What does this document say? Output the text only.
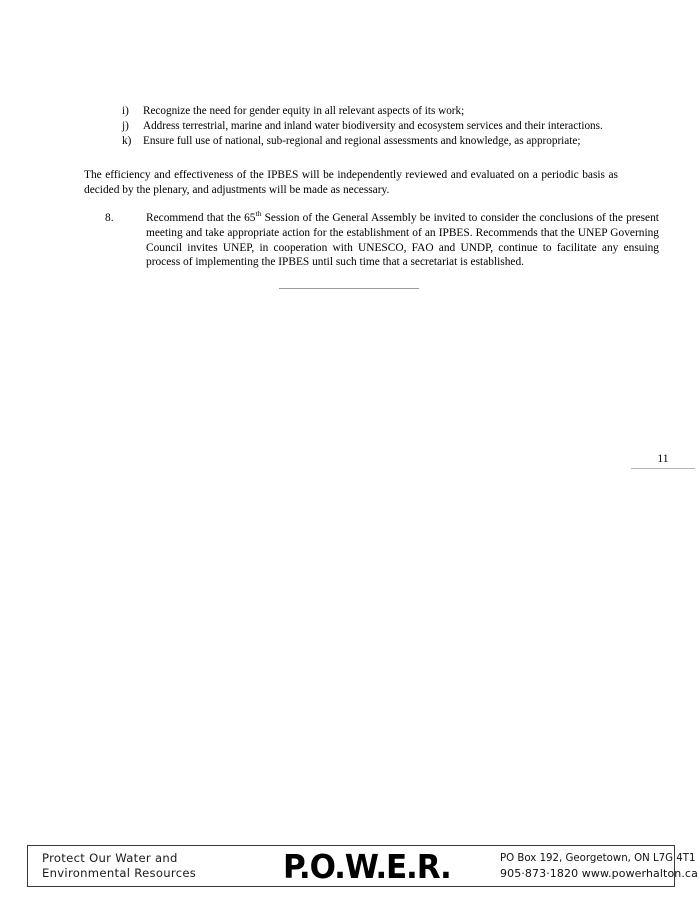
i)	Recognize the need for gender equity in all relevant aspects of its work;
j)	Address terrestrial, marine and inland water biodiversity and ecosystem services and their interactions.
k)	Ensure full use of national, sub-regional and regional assessments and knowledge, as appropriate;

The efficiency and effectiveness of the IPBES will be independently reviewed and evaluated on a periodic basis as decided by the plenary, and adjustments will be made as necessary.

8.	Recommend that the 65th Session of the General Assembly be invited to consider the conclusions of the present meeting and take appropriate action for the establishment of an IPBES. Recommends that the UNEP Governing Council invites UNEP, in cooperation with UNESCO, FAO and UNDP, continue to facilitate any ensuing process of implementing the IPBES until such time that a secretariat is established.
11
Protect Our Water and
Environmental Resources	P.O.W.E.R.	PO Box 192, Georgetown, ON L7G 4T1
905·873·1820 www.powerhalton.ca
